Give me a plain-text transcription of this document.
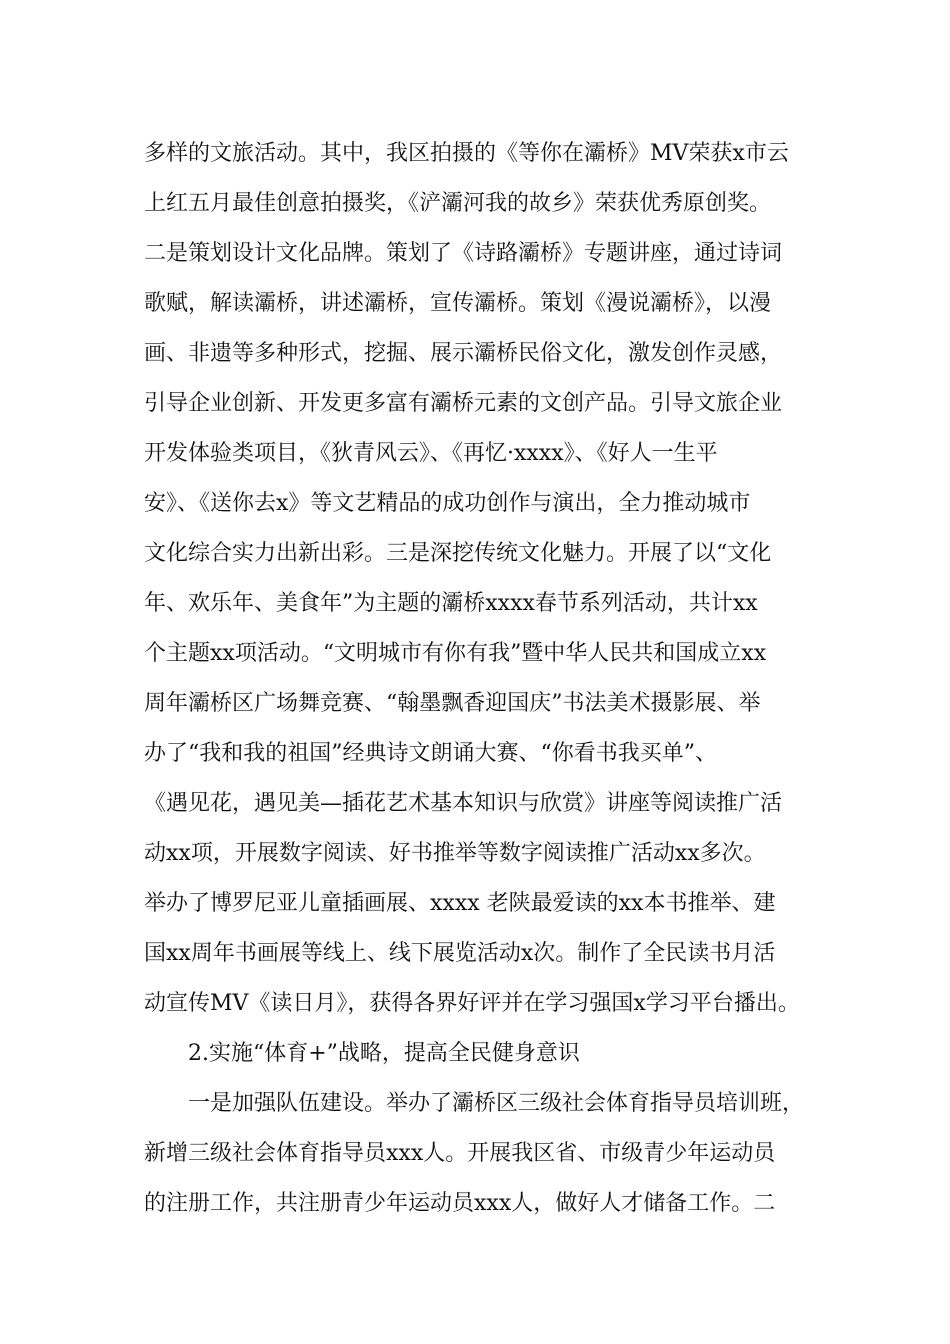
多样的文旅活动。其中，我区拍摄的《等你在灞桥》MV荣获x市云
上红五月最佳创意拍摄奖，《浐灞河我的故乡》荣获优秀原创奖。
二是策划设计文化品牌。策划了《诗路灞桥》专题讲座，通过诗词
歌赋，解读灞桥，讲述灞桥，宣传灞桥。策划《漫说灞桥》，以漫
画、非遗等多种形式，挖掘、展示灞桥民俗文化，激发创作灵感，
引导企业创新、开发更多富有灞桥元素的文创产品。引导文旅企业
开发体验类项目，《狄青风云》、《再忆·xxxx》、《好人一生平
安》、《送你去x》等文艺精品的成功创作与演出，全力推动城市
文化综合实力出新出彩。三是深挖传统文化魅力。开展了以“文化
年、欢乐年、美食年”为主题的灞桥xxxx春节系列活动，共计xx
个主题xx项活动。“文明城市有你有我”暨中华人民共和国成立xx
周年灞桥区广场舞竞赛、“翰墨飘香迎国庆”书法美术摄影展、举
办了“我和我的祖国”经典诗文朗诵大赛、“你看书我买单”、
《遇见花，遇见美—插花艺术基本知识与欣赏》讲座等阅读推广活
动xx项，开展数字阅读、好书推举等数字阅读推广活动xx多次。
举办了博罗尼亚儿童插画展、xxxx 老陕最爱读的xx本书推举、建
国xx周年书画展等线上、线下展览活动x次。制作了全民读书月活
动宣传MV《读日月》，获得各界好评并在学习强国x学习平台播出。
2.实施“体育+”战略，提高全民健身意识
一是加强队伍建设。举办了灞桥区三级社会体育指导员培训班，
新增三级社会体育指导员xxx人。开展我区省、市级青少年运动员
的注册工作，共注册青少年运动员xxx人，做好人才储备工作。二
